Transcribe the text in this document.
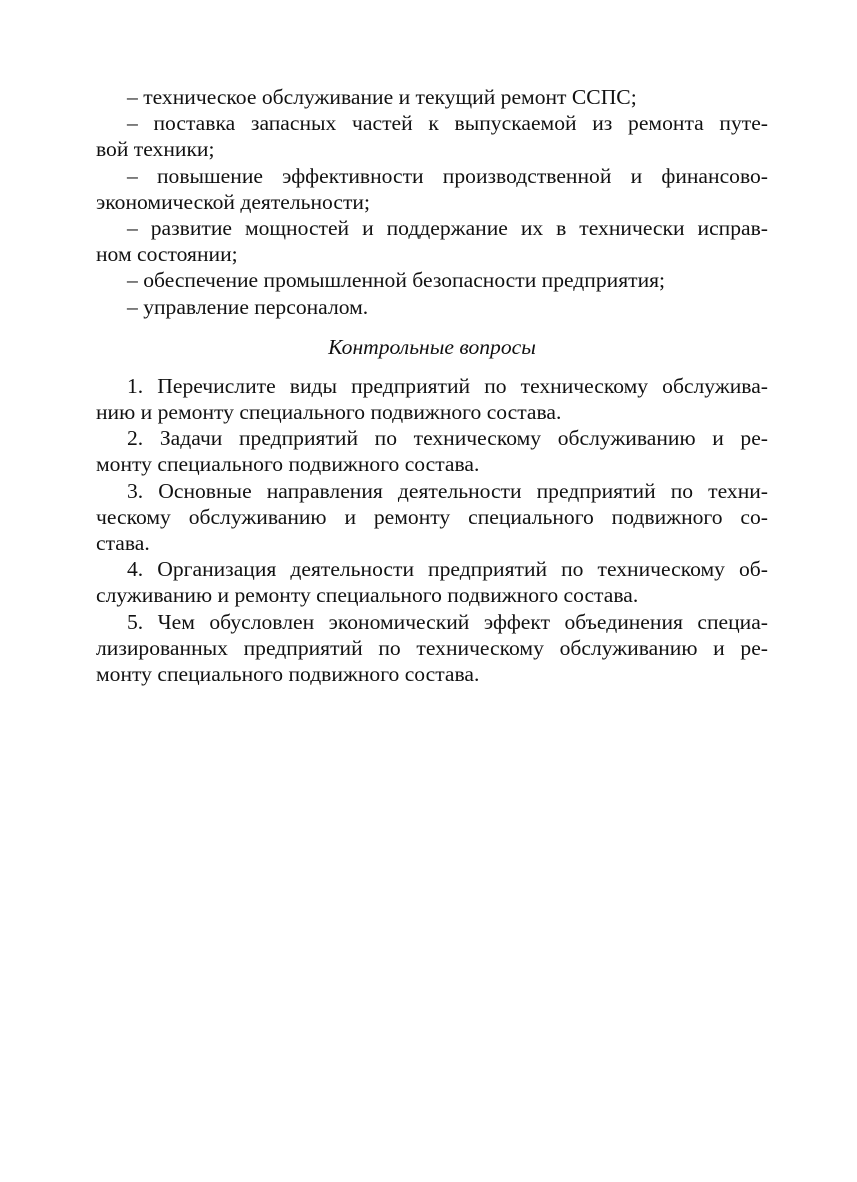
– техническое обслуживание и текущий ремонт ССПС;
– поставка запасных частей к выпускаемой из ремонта путе-
вой техники;
– повышение эффективности производственной и финансово-
экономической деятельности;
– развитие мощностей и поддержание их в технически исправ-
ном состоянии;
– обеспечение промышленной безопасности предприятия;
– управление персоналом.
Контрольные вопросы
1. Перечислите виды предприятий по техническому обслужива-
нию и ремонту специального подвижного состава.
2. Задачи предприятий по техническому обслуживанию и ре-
монту специального подвижного состава.
3. Основные направления деятельности предприятий по техни-
ческому обслуживанию и ремонту специального подвижного со-
става.
4. Организация деятельности предприятий по техническому об-
служиванию и ремонту специального подвижного состава.
5. Чем обусловлен экономический эффект объединения специа-
лизированных предприятий по техническому обслуживанию и ре-
монту специального подвижного состава.
